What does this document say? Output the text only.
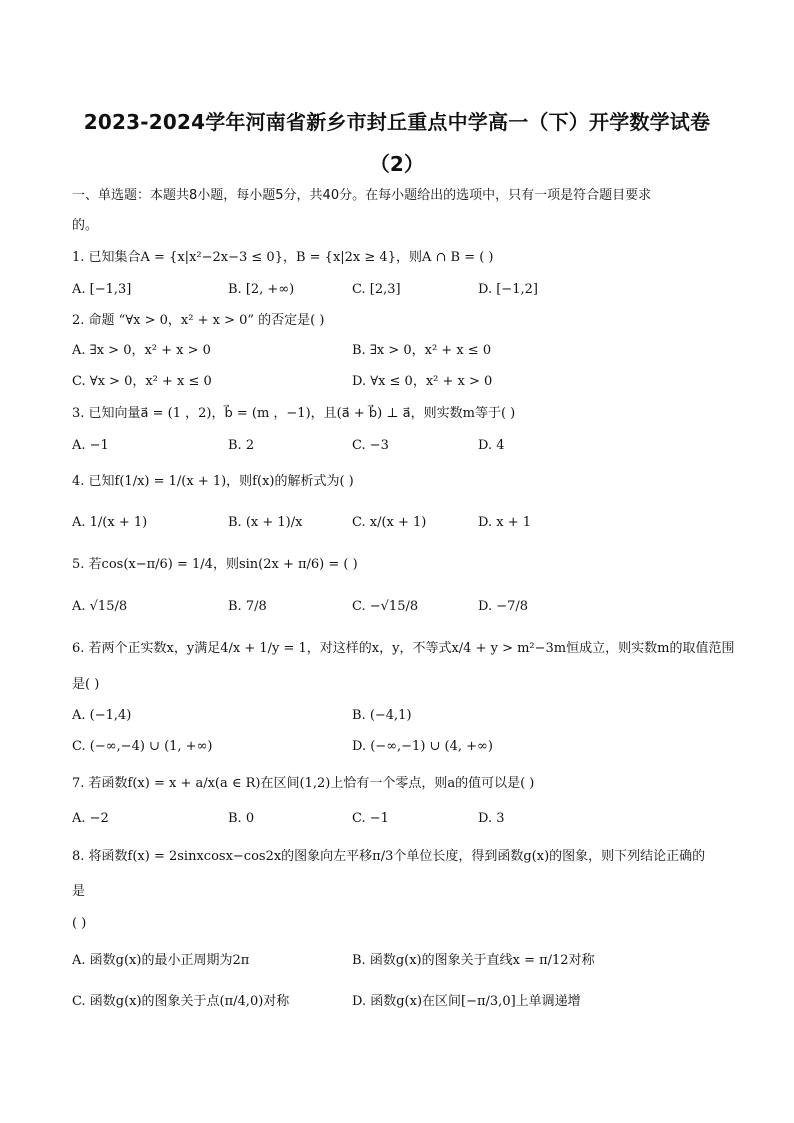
2023-2024学年河南省新乡市封丘重点中学高一（下）开学数学试卷
（2）
一、单选题：本题共8小题，每小题5分，共40分。在每小题给出的选项中，只有一项是符合题目要求
的。
1. 已知集合A = {x|x²−2x−3 ≤ 0}，B = {x|2x ≥ 4}，则A ∩ B = ( )
A. [−1,3]	B. [2, +∞)	C. [2,3]	D. [−1,2]
2. 命题 “∀x > 0，x² + x > 0” 的否定是( )
A. ∃x > 0，x² + x > 0	B. ∃x > 0，x² + x ≤ 0
C. ∀x > 0，x² + x ≤ 0	D. ∀x ≤ 0，x² + x > 0
3. 已知向量a⃗ = (1 ，2)，b⃗ = (m ，−1)，且(a⃗ + b⃗) ⊥ a⃗，则实数m等于( )
A. −1	B. 2	C. −3	D. 4
4. 已知f(1/x) = 1/(x + 1)，则f(x)的解析式为( )
A. 1/(x + 1)	B. (x + 1)/x	C. x/(x + 1)	D. x + 1
5. 若cos(x−π/6) = 1/4，则sin(2x + π/6) = ( )
A. √15/8	B. 7/8	C. −√15/8	D. −7/8
6. 若两个正实数x，y满足4/x + 1/y = 1，对这样的x，y，不等式x/4 + y > m²−3m恒成立，则实数m的取值范围
是( )
A. (−1,4)	B. (−4,1)
C. (−∞,−4) ∪ (1, +∞)	D. (−∞,−1) ∪ (4, +∞)
7. 若函数f(x) = x + a/x(a ∈ R)在区间(1,2)上恰有一个零点，则a的值可以是( )
A. −2	B. 0	C. −1	D. 3
8. 将函数f(x) = 2sinxcosx−cos2x的图象向左平移π/3个单位长度，得到函数g(x)的图象，则下列结论正确的
是
( )
A. 函数g(x)的最小正周期为2π	B. 函数g(x)的图象关于直线x = π/12对称
C. 函数g(x)的图象关于点(π/4,0)对称	D. 函数g(x)在区间[−π/3,0]上单调递增
